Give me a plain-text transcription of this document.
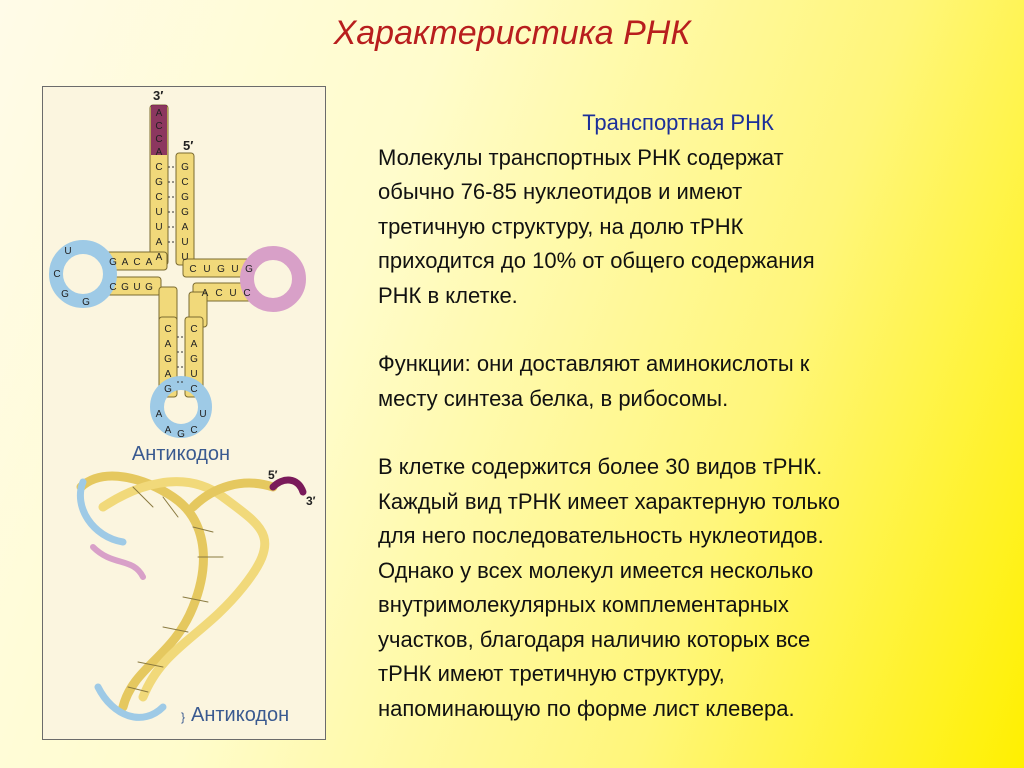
Характеристика РНК
A
C
C
A
C
G
C
U
U
A
A
G
C
G
G
A
U
U
G A C A
C G U G
U
C
G
G
C U G U G
A C U C
C
A
G
A
G
C
A
G
U
C
A
A G C
U
3′
5′
Антикодон
5′
3′
} Антикодон
Транспортная РНК
Молекулы транспортных РНК содержат
обычно 76-85 нуклеотидов и имеют
третичную структуру, на долю тРНК
приходится до 10% от общего содержания
РНК в клетке.
Функции: они доставляют аминокислоты к
месту синтеза белка, в рибосомы.
В клетке содержится более 30 видов тРНК.
Каждый вид тРНК имеет характерную только
для него последовательность нуклеотидов.
Однако у всех молекул имеется несколько
внутримолекулярных комплементарных
участков, благодаря наличию которых все
тРНК имеют третичную структуру,
напоминающую по форме лист клевера.
